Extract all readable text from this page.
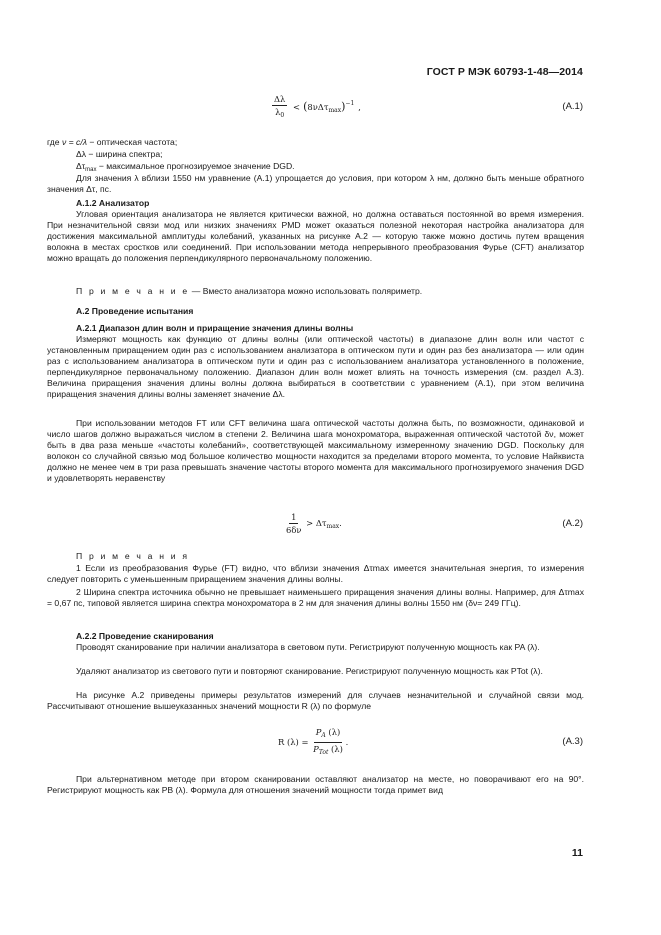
ГОСТ Р МЭК 60793-1-48—2014
$\frac{\Delta\lambda}{\lambda_0} < (8\nu\Delta\tau_{max})^{-1}$ ,	(A.1)
где ν = c/λ − оптическая частота;
Δλ − ширина спектра;
$\Delta\tau_{max}$ − максимальное прогнозируемое значение DGD.
Для значения λ вблизи 1550 нм уравнение (А.1) упрощается до условия, при котором λ нм, должно быть меньше обратного значения Δτ, пс.
А.1.2 Анализатор
Угловая ориентация анализатора не является критически важной, но должна оставаться постоянной во время измерения. При незначительной связи мод или низких значениях PMD может оказаться полезной некоторая настройка анализатора для достижения максимальной амплитуды колебаний, указанных на рисунке А.2 — которую также можно достичь путем вращения волокна в местах сростков или соединений. При использовании метода непрерывного преобразования Фурье (CFT) анализатор можно вращать до положения перпендикулярного первоначальному положению.
П р и м е ч а н и е — Вместо анализатора можно использовать поляриметр.
А.2 Проведение испытания
А.2.1 Диапазон длин волн и приращение значения длины волны
Измеряют мощность как функцию от длины волны (или оптической частоты) в диапазоне длин волн или частот с установленным приращением один раз с использованием анализатора в оптическом пути и один раз без анализатора — или один раз с использованием анализатора в оптическом пути и один раз с использованием анализатора установленного в положение, перпендикулярное первоначальному положению. Диапазон длин волн может влиять на точность измерения (см. раздел А.3). Величина приращения значения длины волны должна выбираться в соответствии с уравнением (А.1), при этом величина приращения значения длины волны заменяет значение Δλ.
При использовании методов FT или CFT величина шага оптической частоты должна быть, по возможности, одинаковой и число шагов должно выражаться числом в степени 2. Величина шага монохроматора, выраженная оптической частотой δν, может быть в два раза меньше «частоты колебаний», соответствующей максимальному измеренному значению DGD. Поскольку для волокон со случайной связью мод большое количество мощности находится за пределами второго момента, то условие Найквиста должно не менее чем в три раза превышать значение частоты второго момента для максимального прогнозируемого значения DGD и удовлетворять неравенству
$\frac{1}{6\delta\nu} > \Delta\tau_{max}$.	(А.2)
П р и м е ч а н и я
1 Если из преобразования Фурье (FT) видно, что вблизи значения Δτmax имеется значительная энергия, то измерения следует повторить с уменьшенным приращением значения длины волны.
2 Ширина спектра источника обычно не превышает наименьшего приращения значения длины волны. Например, для Δτmax = 0,67 пс, типовой является ширина спектра монохроматора в 2 нм для значения длины волны 1550 нм (δν= 249 ГГц).
А.2.2 Проведение сканирования
Проводят сканирование при наличии анализатора в световом пути. Регистрируют полученную мощность как PA (λ).
Удаляют анализатор из светового пути и повторяют сканирование. Регистрируют полученную мощность как PTot (λ).
На рисунке А.2 приведены примеры результатов измерений для случаев незначительной и случайной связи мод. Рассчитывают отношение вышеуказанных значений мощности R (λ) по формуле
R $(\lambda) = \frac{P_A (\lambda)}{P_{Tot} (\lambda)}$ .	(А.3)
При альтернативном методе при втором сканировании оставляют анализатор на месте, но поворачивают его на 90°. Регистрируют мощность как PB (λ). Формула для отношения значений мощности тогда примет вид
11
